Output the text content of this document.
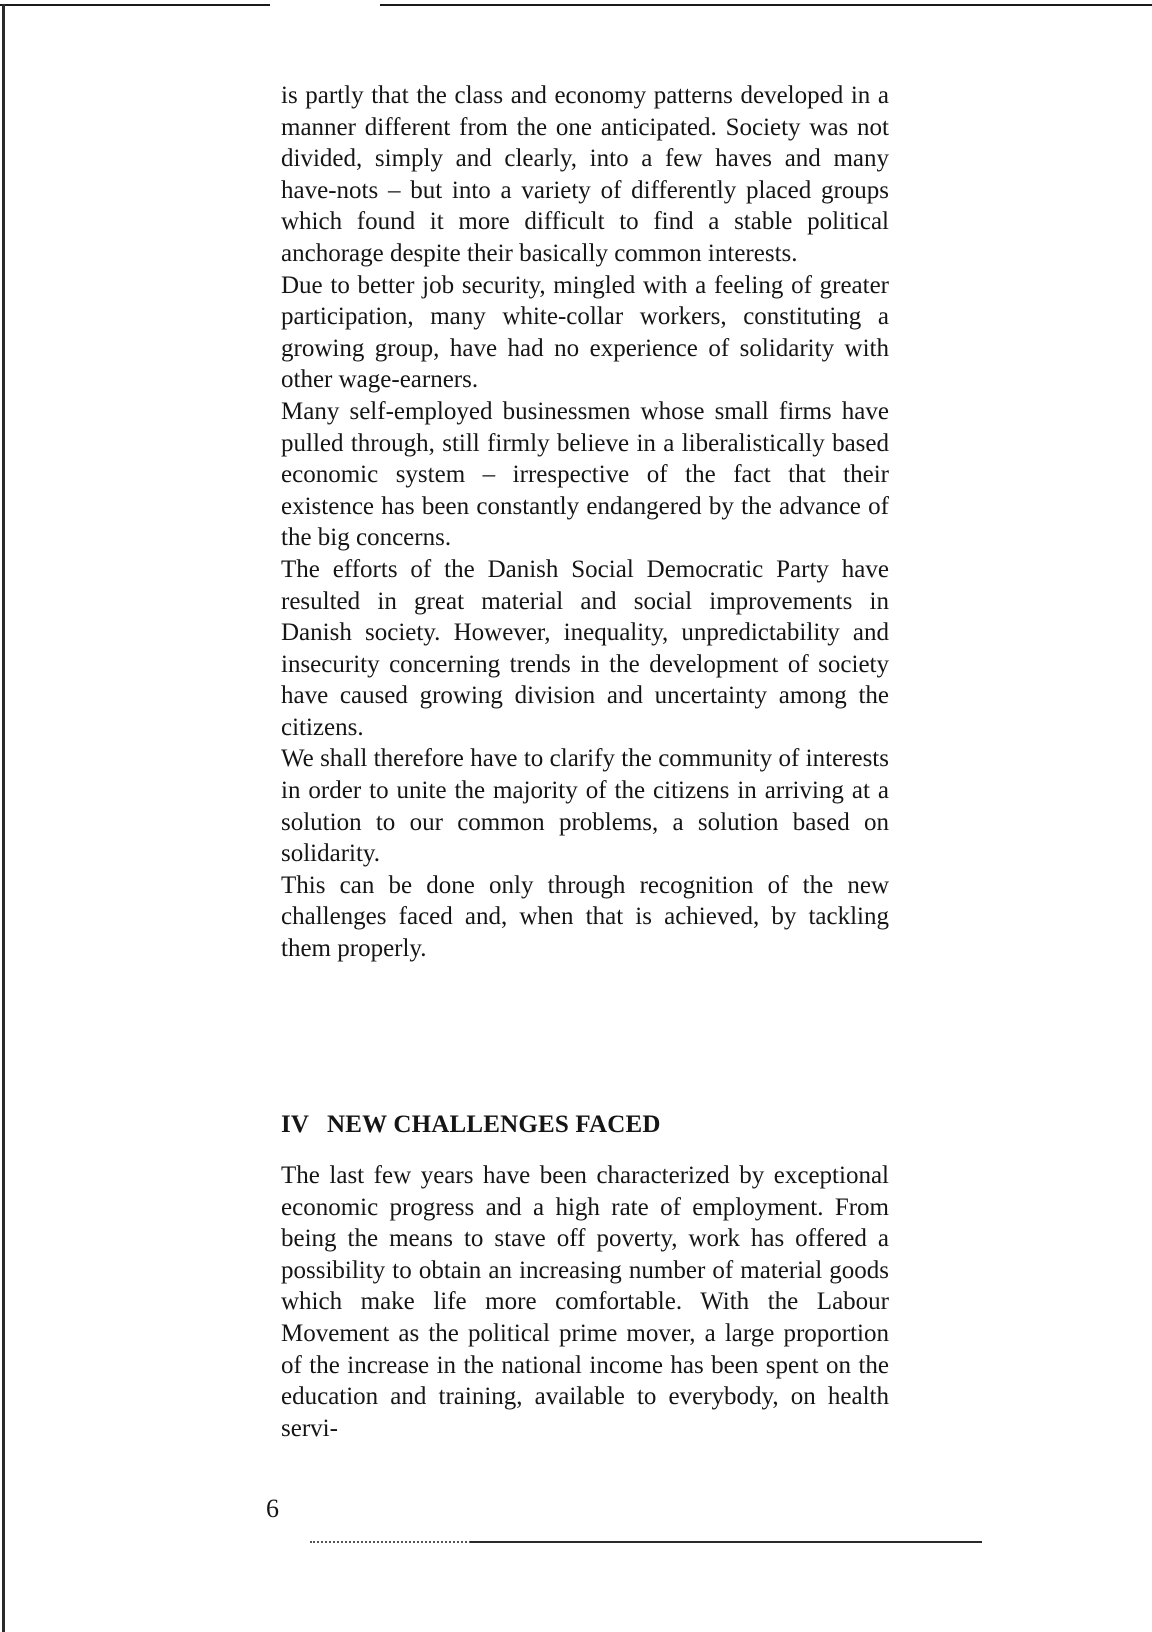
is partly that the class and economy patterns developed in a manner different from the one anticipated. Society was not divided, simply and clearly, into a few haves and many have-nots – but into a variety of differently placed groups which found it more difficult to find a stable political anchorage despite their basically common interests.

Due to better job security, mingled with a feeling of greater participation, many white-collar workers, constituting a growing group, have had no experience of solidarity with other wage-earners.

Many self-employed businessmen whose small firms have pulled through, still firmly believe in a liberalistically based economic system – irrespective of the fact that their existence has been constantly endangered by the advance of the big concerns.

The efforts of the Danish Social Democratic Party have resulted in great material and social improvements in Danish society. However, inequality, unpredictability and insecurity concerning trends in the development of society have caused growing division and uncertainty among the citizens.

We shall therefore have to clarify the community of interests in order to unite the majority of the citizens in arriving at a solution to our common problems, a solution based on solidarity.

This can be done only through recognition of the new challenges faced and, when that is achieved, by tackling them properly.

IV NEW CHALLENGES FACED

The last few years have been characterized by exceptional economic progress and a high rate of employment. From being the means to stave off poverty, work has offered a possibility to obtain an increasing number of material goods which make life more comfortable. With the Labour Movement as the political prime mover, a large proportion of the increase in the national income has been spent on the education and training, available to everybody, on health servi-

6
